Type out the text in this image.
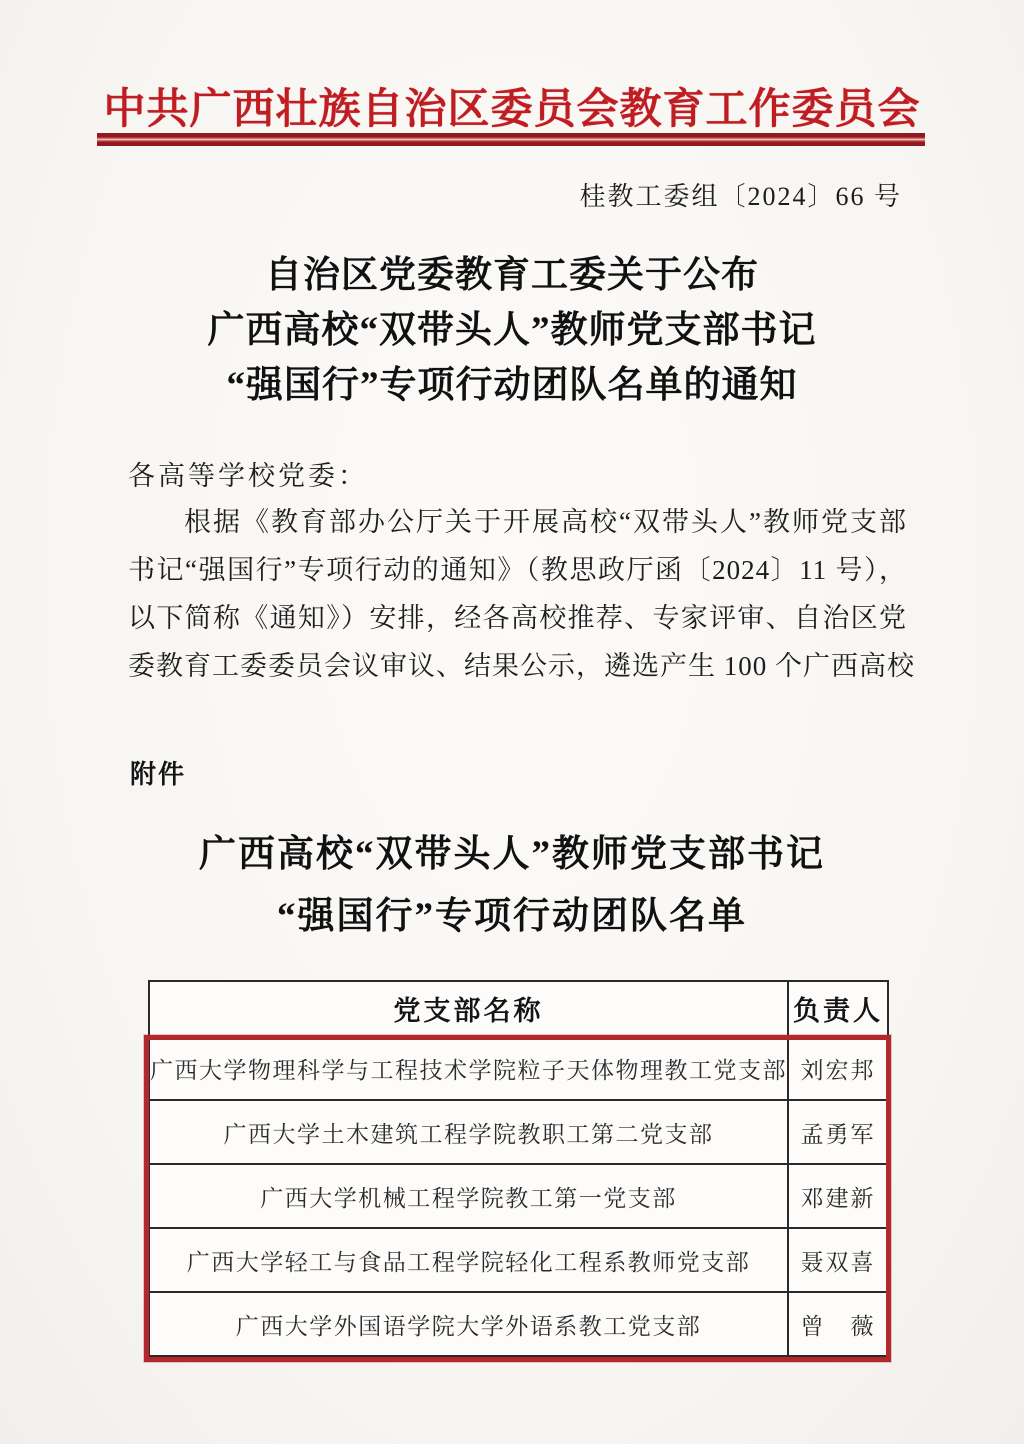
中共广西壮族自治区委员会教育工作委员会
桂教工委组〔2024〕66 号
自治区党委教育工委关于公布
广西高校“双带头人”教师党支部书记
“强国行”专项行动团队名单的通知
各高等学校党委：
根据《教育部办公厅关于开展高校“双带头人”教师党支部
书记“强国行”专项行动的通知》（教思政厅函〔2024〕11 号），
以下简称《通知》）安排，经各高校推荐、专家评审、自治区党
委教育工委委员会议审议、结果公示，遴选产生 100 个广西高校
附件
广西高校“双带头人”教师党支部书记
“强国行”专项行动团队名单
党支部名称	负责人
广西大学物理科学与工程技术学院粒子天体物理教工党支部	刘宏邦
广西大学土木建筑工程学院教职工第二党支部	孟勇军
广西大学机械工程学院教工第一党支部	邓建新
广西大学轻工与食品工程学院轻化工程系教师党支部	聂双喜
广西大学外国语学院大学外语系教工党支部	曾　薇
